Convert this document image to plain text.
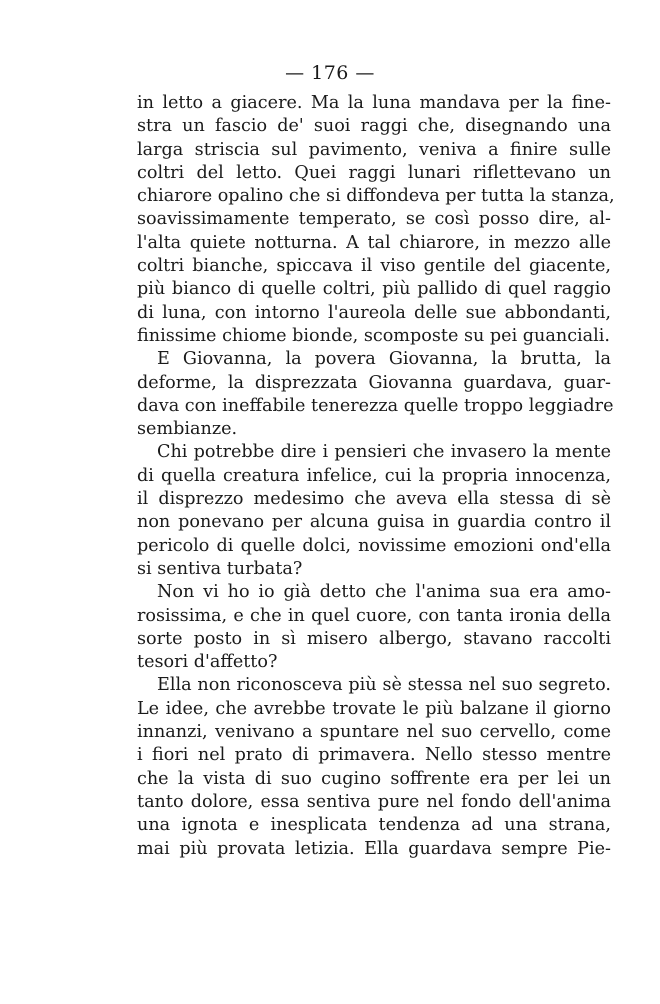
— 176 —
in letto a giacere. Ma la luna mandava per la fine-
stra un fascio de' suoi raggi che, disegnando una
larga striscia sul pavimento, veniva a finire sulle
coltri del letto. Quei raggi lunari riflettevano un
chiarore opalino che si diffondeva per tutta la stanza,
soavissimamente temperato, se così posso dire, al-
l'alta quiete notturna. A tal chiarore, in mezzo alle
coltri bianche, spiccava il viso gentile del giacente,
più bianco di quelle coltri, più pallido di quel raggio
di luna, con intorno l'aureola delle sue abbondanti,
finissime chiome bionde, scomposte su pei guanciali.
E Giovanna, la povera Giovanna, la brutta, la
deforme, la disprezzata Giovanna guardava, guar-
dava con ineffabile tenerezza quelle troppo leggiadre
sembianze.
Chi potrebbe dire i pensieri che invasero la mente
di quella creatura infelice, cui la propria innocenza,
il disprezzo medesimo che aveva ella stessa di sè
non ponevano per alcuna guisa in guardia contro il
pericolo di quelle dolci, novissime emozioni ond'ella
si sentiva turbata?
Non vi ho io già detto che l'anima sua era amo-
rosissima, e che in quel cuore, con tanta ironia della
sorte posto in sì misero albergo, stavano raccolti
tesori d'affetto?
Ella non riconosceva più sè stessa nel suo segreto.
Le idee, che avrebbe trovate le più balzane il giorno
innanzi, venivano a spuntare nel suo cervello, come
i fiori nel prato di primavera. Nello stesso mentre
che la vista di suo cugino soffrente era per lei un
tanto dolore, essa sentiva pure nel fondo dell'anima
una ignota e inesplicata tendenza ad una strana,
mai più provata letizia. Ella guardava sempre Pie-
